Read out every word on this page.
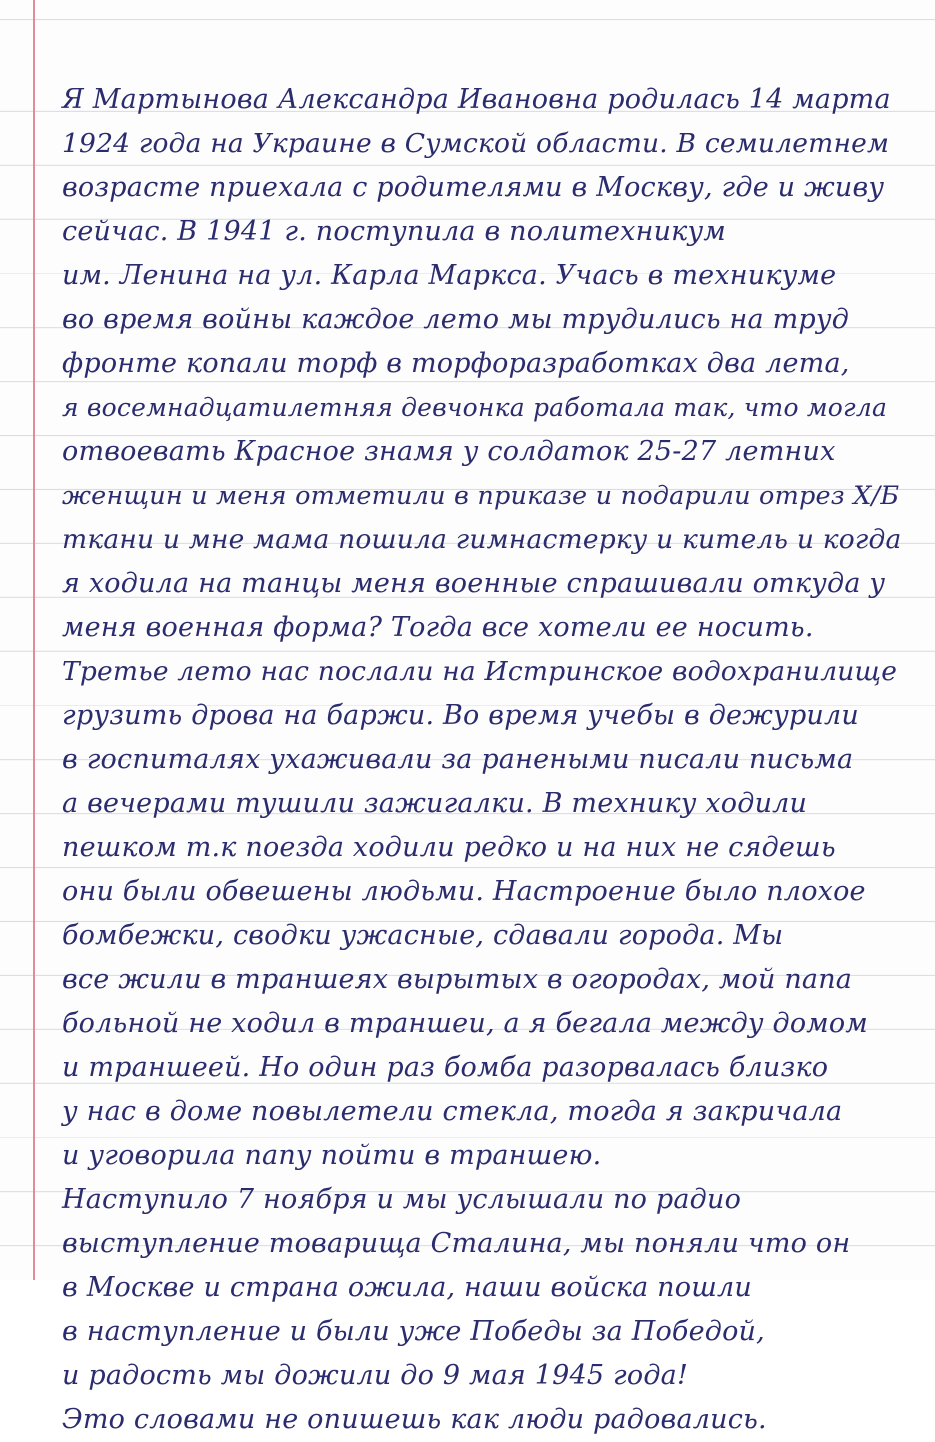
Я Мартынова Александра Ивановна родилась 14 марта
1924 года на Украине в Сумской области. В семилетнем
возрасте приехала с родителями в Москву, где и живу
сейчас. В 1941 г. поступила в политехникум
им. Ленина на ул. Карла Маркса. Учась в техникуме
во время войны каждое лето мы трудились на труд
фронте копали торф в торфоразработках два лета,
я восемнадцатилетняя девчонка работала так, что могла
отвоевать Красное знамя у солдаток 25-27 летних
женщин и меня отметили в приказе и подарили отрез Х/Б
ткани и мне мама пошила гимнастерку и китель и когда
я ходила на танцы меня военные спрашивали откуда у
меня военная форма? Тогда все хотели ее носить.
Третье лето нас послали на Истринское водохранилище
грузить дрова на баржи. Во время учебы в дежурили
в госпиталях ухаживали за ранеными писали письма
а вечерами тушили зажигалки. В технику ходили
пешком т.к поезда ходили редко и на них не сядешь
они были обвешены людьми. Настроение было плохое
бомбежки, сводки ужасные, сдавали города. Мы
все жили в траншеях вырытых в огородах, мой папа
больной не ходил в траншеи, а я бегала между домом
и траншеей. Но один раз бомба разорвалась близко
у нас в доме повылетели стекла, тогда я закричала
и уговорила папу пойти в траншею.
Наступило 7 ноября и мы услышали по радио
выступление товарища Сталина, мы поняли что он
в Москве и страна ожила, наши войска пошли
в наступление и были уже Победы за Победой,
и радость мы дожили до 9 мая 1945 года!
Это словами не опишешь как люди радовались.
